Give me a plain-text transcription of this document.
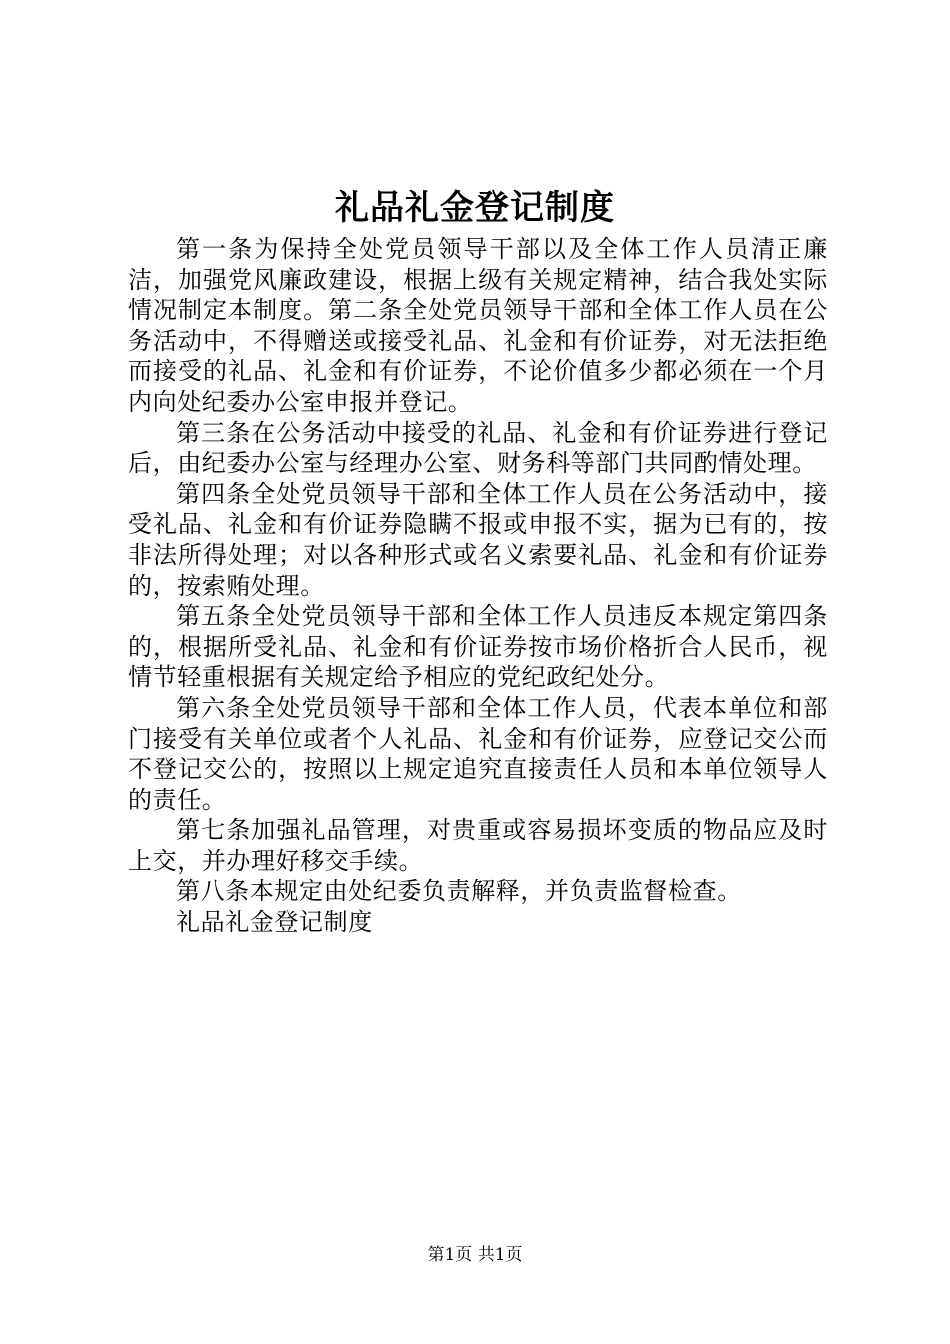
礼品礼金登记制度

第一条为保持全处党员领导干部以及全体工作人员清正廉洁，加强党风廉政建设，根据上级有关规定精神，结合我处实际情况制定本制度。第二条全处党员领导干部和全体工作人员在公务活动中，不得赠送或接受礼品、礼金和有价证券，对无法拒绝而接受的礼品、礼金和有价证券，不论价值多少都必须在一个月内向处纪委办公室申报并登记。

第三条在公务活动中接受的礼品、礼金和有价证券进行登记后，由纪委办公室与经理办公室、财务科等部门共同酌情处理。

第四条全处党员领导干部和全体工作人员在公务活动中，接受礼品、礼金和有价证券隐瞒不报或申报不实，据为已有的，按非法所得处理；对以各种形式或名义索要礼品、礼金和有价证券的，按索贿处理。

第五条全处党员领导干部和全体工作人员违反本规定第四条的，根据所受礼品、礼金和有价证券按市场价格折合人民币，视情节轻重根据有关规定给予相应的党纪政纪处分。

第六条全处党员领导干部和全体工作人员，代表本单位和部门接受有关单位或者个人礼品、礼金和有价证券，应登记交公而不登记交公的，按照以上规定追究直接责任人员和本单位领导人的责任。

第七条加强礼品管理，对贵重或容易损坏变质的物品应及时上交，并办理好移交手续。

第八条本规定由处纪委负责解释，并负责监督检查。

礼品礼金登记制度

第1页 共1页
